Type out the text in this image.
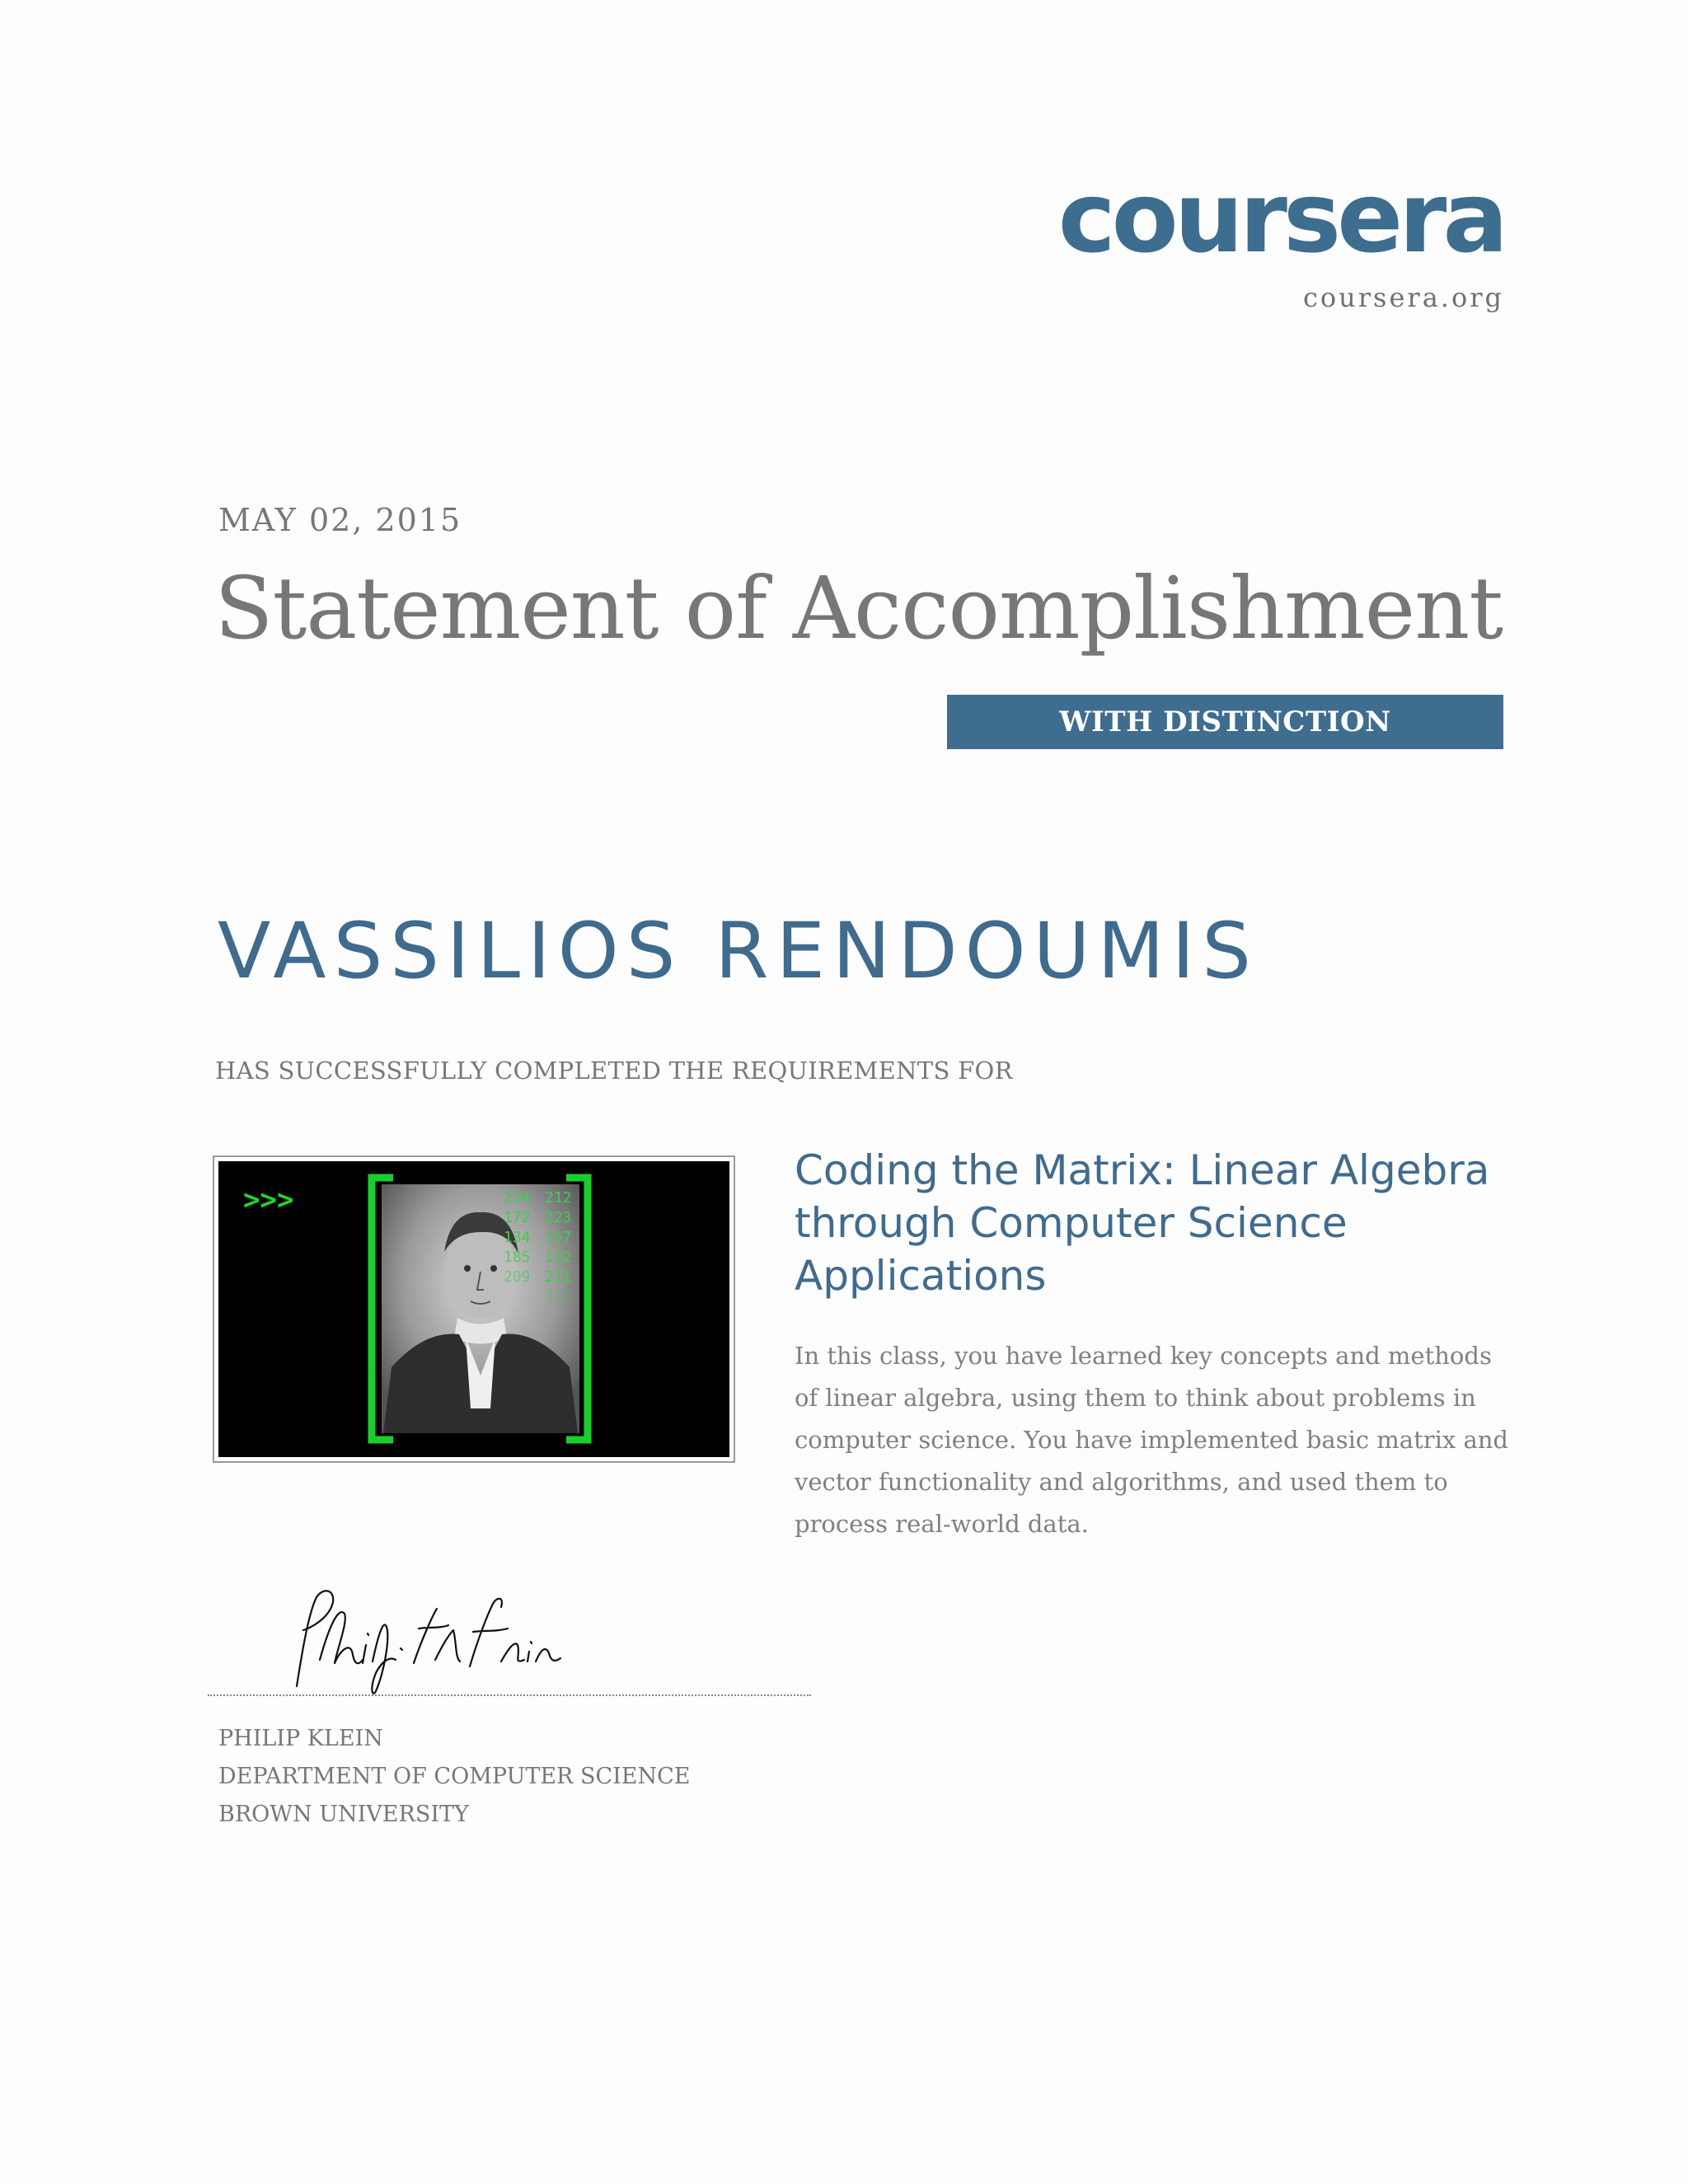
coursera
coursera.org
MAY 02, 2015
Statement of Accomplishment
WITH DISTINCTION
VASSILIOS RENDOUMIS
HAS SUCCESSFULLY COMPLETED THE REQUIREMENTS FOR
>>>	234 212
172 223
134 157
185 132
209 211
112
Coding the Matrix: Linear Algebra through Computer Science Applications
In this class, you have learned key concepts and methods of linear algebra, using them to think about problems in computer science. You have implemented basic matrix and vector functionality and algorithms, and used them to process real-world data.
PHILIP KLEIN
DEPARTMENT OF COMPUTER SCIENCE
BROWN UNIVERSITY
